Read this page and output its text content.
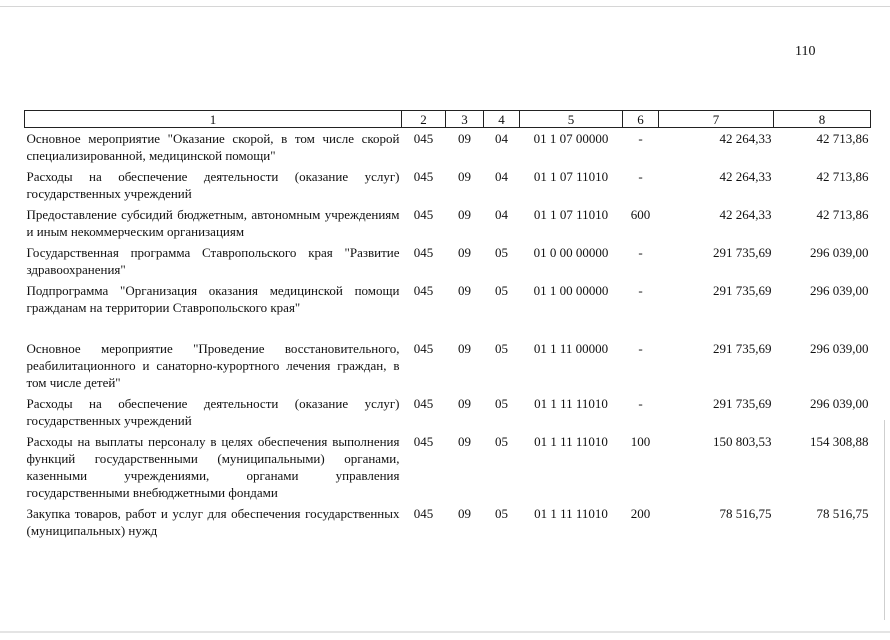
110
1	2	3	4	5	6	7	8
Основное мероприятие "Оказание скорой, в том числе скорой специализированной, медицинской помощи"	045	09	04	01 1 07 00000	-	42 264,33	42 713,86
Расходы на обеспечение деятельности (оказание услуг) государственных учреждений	045	09	04	01 1 07 11010	-	42 264,33	42 713,86
Предоставление субсидий бюджетным, автономным учреждениям и иным некоммерческим организациям	045	09	04	01 1 07 11010	600	42 264,33	42 713,86
Государственная программа Ставропольского края "Развитие здравоохранения"	045	09	05	01 0 00 00000	-	291 735,69	296 039,00
Подпрограмма "Организация оказания медицинской помощи гражданам на территории Ставропольского края"	045	09	05	01 1 00 00000	-	291 735,69	296 039,00
Основное мероприятие "Проведение восстановительного, реабилитационного и санаторно-курортного лечения граждан, в том числе детей"	045	09	05	01 1 11 00000	-	291 735,69	296 039,00
Расходы на обеспечение деятельности (оказание услуг) государственных учреждений	045	09	05	01 1 11 11010	-	291 735,69	296 039,00
Расходы на выплаты персоналу в целях обеспечения выполнения функций государственными (муниципальными) органами, казенными учреждениями, органами управления государственными внебюджетными фондами	045	09	05	01 1 11 11010	100	150 803,53	154 308,88
Закупка товаров, работ и услуг для обеспечения государственных (муниципальных) нужд	045	09	05	01 1 11 11010	200	78 516,75	78 516,75
